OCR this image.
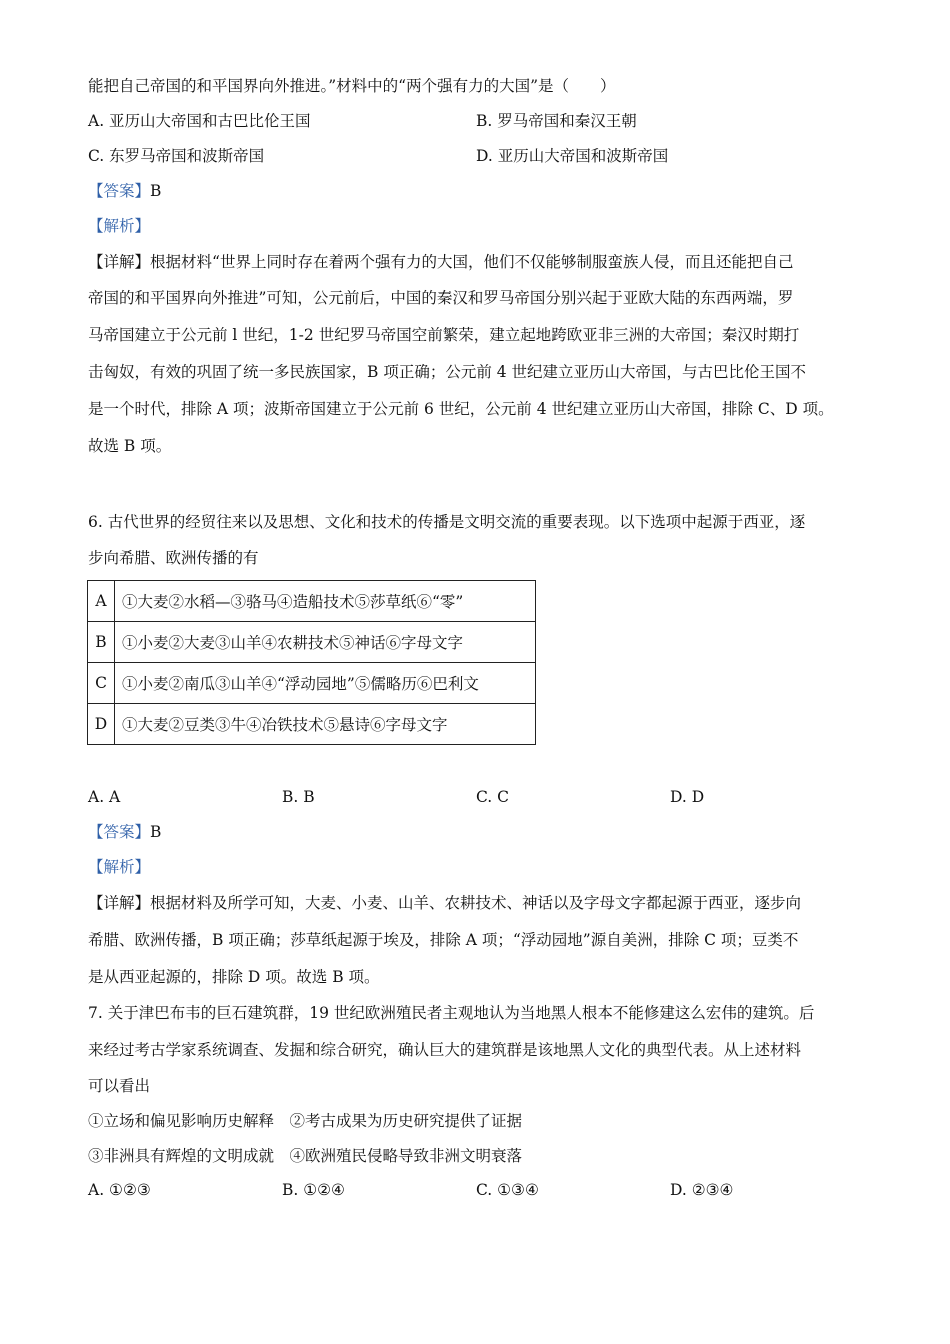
能把自己帝国的和平国界向外推进。”材料中的“两个强有力的大国”是（　　）
A. 亚历山大帝国和古巴比伦王国	B. 罗马帝国和秦汉王朝
C. 东罗马帝国和波斯帝国	D. 亚历山大帝国和波斯帝国
【答案】B
【解析】
【详解】根据材料“世界上同时存在着两个强有力的大国，他们不仅能够制服蛮族人侵，而且还能把自己
帝国的和平国界向外推进”可知，公元前后，中国的秦汉和罗马帝国分别兴起于亚欧大陆的东西两端，罗
马帝国建立于公元前 l 世纪，1-2 世纪罗马帝国空前繁荣，建立起地跨欧亚非三洲的大帝国；秦汉时期打
击匈奴，有效的巩固了统一多民族国家，B 项正确；公元前 4 世纪建立亚历山大帝国，与古巴比伦王国不
是一个时代，排除 A 项；波斯帝国建立于公元前 6 世纪，公元前 4 世纪建立亚历山大帝国，排除 C、D 项。
故选 B 项。
6. 古代世界的经贸往来以及思想、文化和技术的传播是文明交流的重要表现。以下选项中起源于西亚，逐
步向希腊、欧洲传播的有
A	①大麦②水稻—③骆马④造船技术⑤莎草纸⑥“零”
B	①小麦②大麦③山羊④农耕技术⑤神话⑥字母文字
C	①小麦②南瓜③山羊④“浮动园地”⑤儒略历⑥巴利文
D	①大麦②豆类③牛④冶铁技术⑤悬诗⑥字母文字
A. A	B. B	C. C	D. D
【答案】B
【解析】
【详解】根据材料及所学可知，大麦、小麦、山羊、农耕技术、神话以及字母文字都起源于西亚，逐步向
希腊、欧洲传播，B 项正确；莎草纸起源于埃及，排除 A 项；“浮动园地”源自美洲，排除 C 项；豆类不
是从西亚起源的，排除 D 项。故选 B 项。
7. 关于津巴布韦的巨石建筑群，19 世纪欧洲殖民者主观地认为当地黑人根本不能修建这么宏伟的建筑。后
来经过考古学家系统调查、发掘和综合研究，确认巨大的建筑群是该地黑人文化的典型代表。从上述材料
可以看出
①立场和偏见影响历史解释　②考古成果为历史研究提供了证据
③非洲具有辉煌的文明成就　④欧洲殖民侵略导致非洲文明衰落
A. ①②③	B. ①②④	C. ①③④	D. ②③④
